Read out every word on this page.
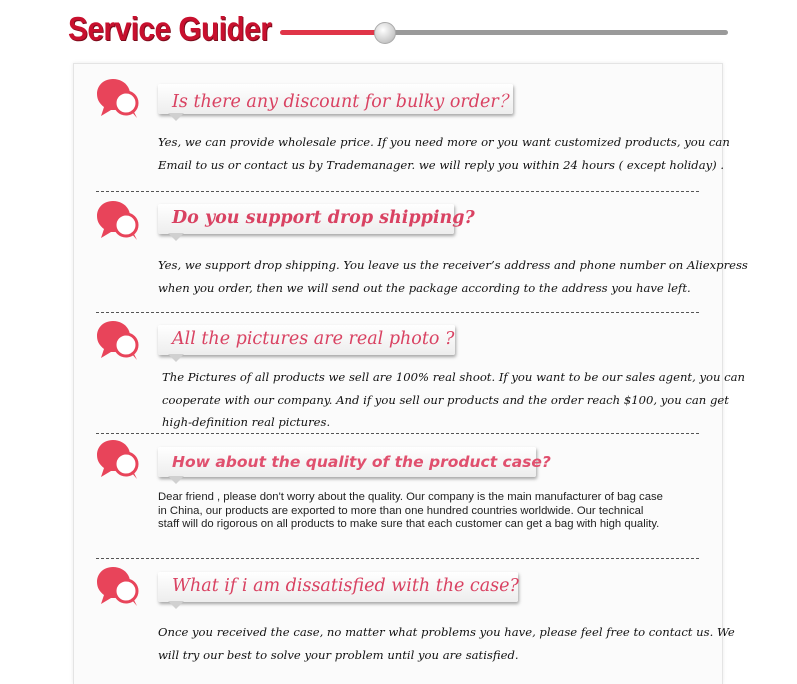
Service Guider
Is there any discount for bulky order？
Yes, we can provide wholesale price. If you need more or you want customized products, you can
Email to us or contact us by Trademanager. we will reply you within 24 hours ( except holiday) .
Do you support drop shipping?
Yes, we support drop shipping. You leave us the receiver’s address and phone number on Aliexpress
when you order, then we will send out the package according to the address you have left.
All the pictures are real photo ?
The Pictures of all products we sell are 100% real shoot. If you want to be our sales agent, you can
cooperate with our company. And if you sell our products and the order reach $100, you can get
high-definition real pictures.
How about the quality of the product case?
Dear friend , please don't worry about the quality. Our company is the main manufacturer of bag case
in China, our products are exported to more than one hundred countries worldwide. Our technical
staff will do rigorous on all products to make sure that each customer can get a bag with high quality.
What if i am dissatisfied with the case?
Once you received the case, no matter what problems you have, please feel free to contact us. We
will try our best to solve your problem until you are satisfied.
